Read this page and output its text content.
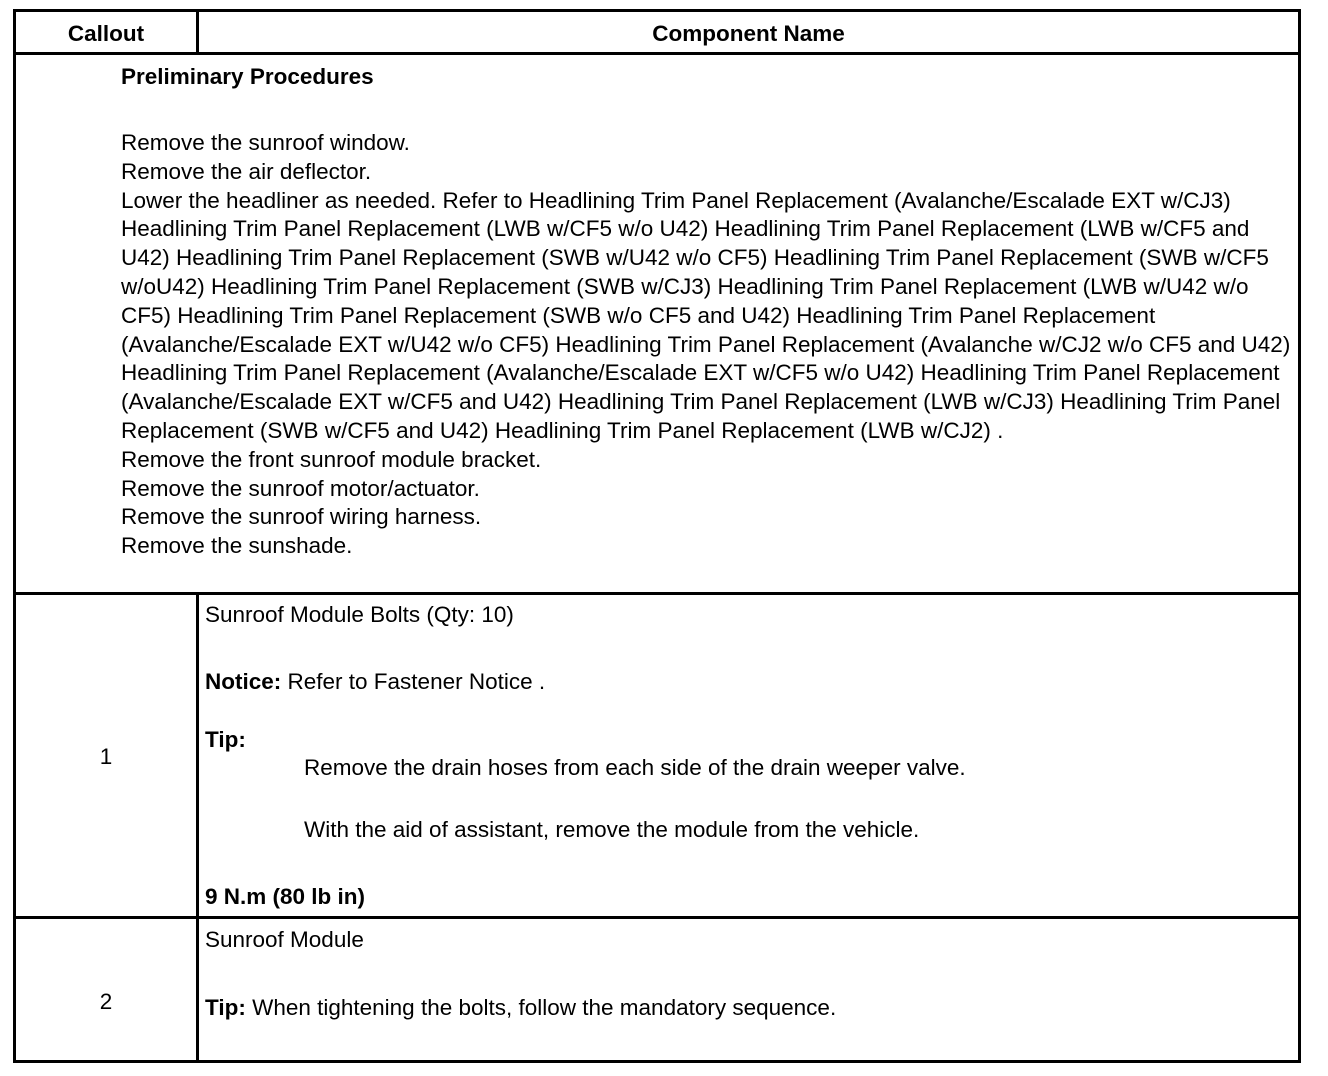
Callout	Component Name
Preliminary Procedures
Remove the sunroof window.
Remove the air deflector.
Lower the headliner as needed. Refer to Headlining Trim Panel Replacement (Avalanche/Escalade EXT w/CJ3) Headlining Trim Panel Replacement (LWB w/CF5 w/o U42) Headlining Trim Panel Replacement (LWB w/CF5 and U42) Headlining Trim Panel Replacement (SWB w/U42 w/o CF5) Headlining Trim Panel Replacement (SWB w/CF5 w/oU42) Headlining Trim Panel Replacement (SWB w/CJ3) Headlining Trim Panel Replacement (LWB w/U42 w/o CF5) Headlining Trim Panel Replacement (SWB w/o CF5 and U42) Headlining Trim Panel Replacement (Avalanche/Escalade EXT w/U42 w/o CF5) Headlining Trim Panel Replacement (Avalanche w/CJ2 w/o CF5 and U42) Headlining Trim Panel Replacement (Avalanche/Escalade EXT w/CF5 w/o U42) Headlining Trim Panel Replacement (Avalanche/Escalade EXT w/CF5 and U42) Headlining Trim Panel Replacement (LWB w/CJ3) Headlining Trim Panel Replacement (SWB w/CF5 and U42) Headlining Trim Panel Replacement (LWB w/CJ2) .
Remove the front sunroof module bracket.
Remove the sunroof motor/actuator.
Remove the sunroof wiring harness.
Remove the sunshade.
1
Sunroof Module Bolts (Qty: 10)
Notice: Refer to Fastener Notice .
Tip:
Remove the drain hoses from each side of the drain weeper valve.
With the aid of assistant, remove the module from the vehicle.
9 N.m (80 lb in)
2
Sunroof Module
Tip: When tightening the bolts, follow the mandatory sequence.
